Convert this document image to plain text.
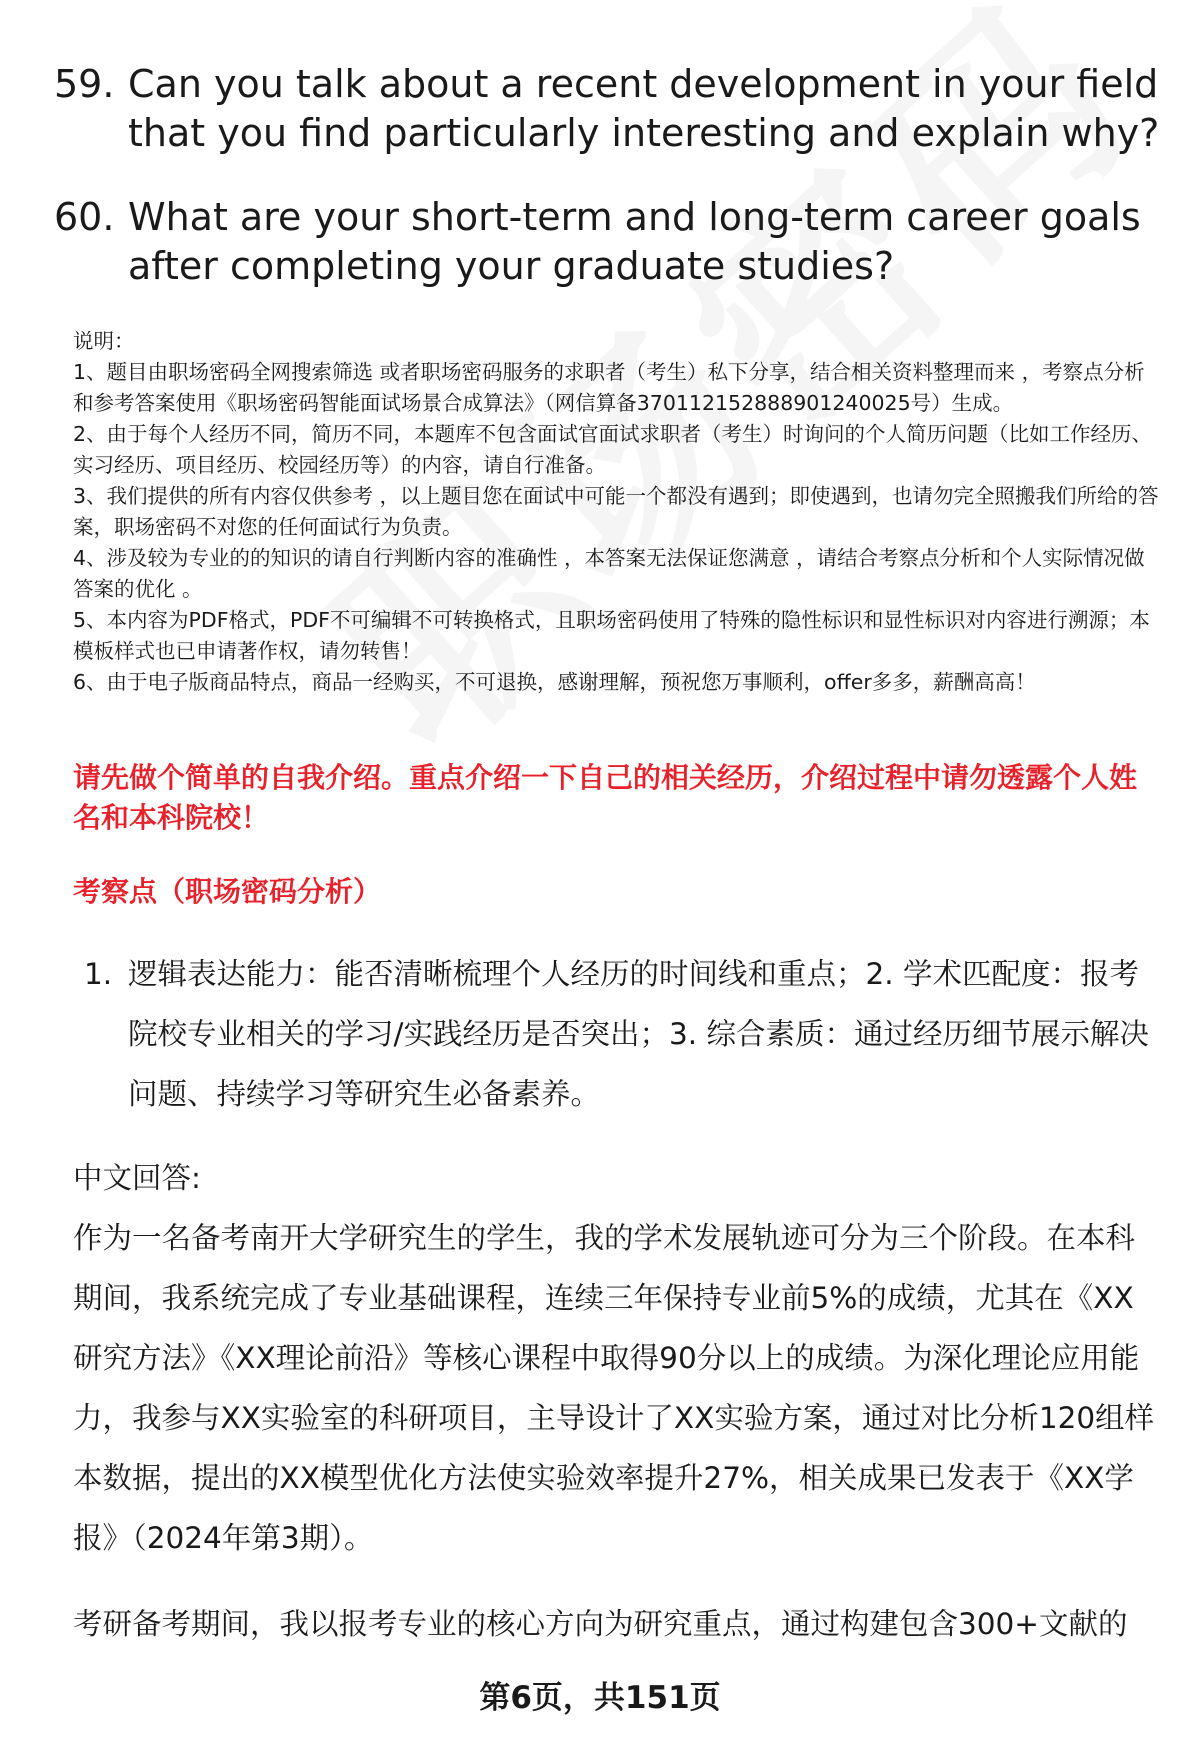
59. Can you talk about a recent development in your field that you find particularly interesting and explain why?
60. What are your short-term and long-term career goals after completing your graduate studies?

说明：

1、题目由职场密码全网搜索筛选 或者职场密码服务的求职者（考生）私下分享，结合相关资料整理而来 ，考察点分析和参考答案使用《职场密码智能面试场景合成算法》（网信算备370112152888901240025号）生成。

2、由于每个人经历不同，简历不同，本题库不包含面试官面试求职者（考生）时询问的个人简历问题（比如工作经历、实习经历、项目经历、校园经历等）的内容，请自行准备。

3、我们提供的所有内容仅供参考 ，以上题目您在面试中可能一个都没有遇到；即使遇到，也请勿完全照搬我们所给的答案，职场密码不对您的任何面试行为负责。

4、涉及较为专业的的知识的请自行判断内容的准确性 ，本答案无法保证您满意 ，请结合考察点分析和个人实际情况做答案的优化 。

5、本内容为PDF格式，PDF不可编辑不可转换格式，且职场密码使用了特殊的隐性标识和显性标识对内容进行溯源；本模板样式也已申请著作权，请勿转售！

6、由于电子版商品特点，商品一经购买，不可退换，感谢理解，预祝您万事顺利，offer多多，薪酬高高！

请先做个简单的自我介绍。重点介绍一下自己的相关经历，介绍过程中请勿透露个人姓名和本科院校！
考察点（职场密码分析）
1. 逻辑表达能力：能否清晰梳理个人经历的时间线和重点；2. 学术匹配度：报考院校专业相关的学习/实践经历是否突出；3. 综合素质：通过经历细节展示解决问题、持续学习等研究生必备素养。
中文回答:
作为一名备考南开大学研究生的学生，我的学术发展轨迹可分为三个阶段。在本科期间，我系统完成了专业基础课程，连续三年保持专业前5%的成绩，尤其在《XX研究方法》《XX理论前沿》等核心课程中取得90分以上的成绩。为深化理论应用能力，我参与XX实验室的科研项目，主导设计了XX实验方案，通过对比分析120组样本数据，提出的XX模型优化方法使实验效率提升27%，相关成果已发表于《XX学报》（2024年第3期）。
考研备考期间，我以报考专业的核心方向为研究重点，通过构建包含300+文献的
第6页，共151页
